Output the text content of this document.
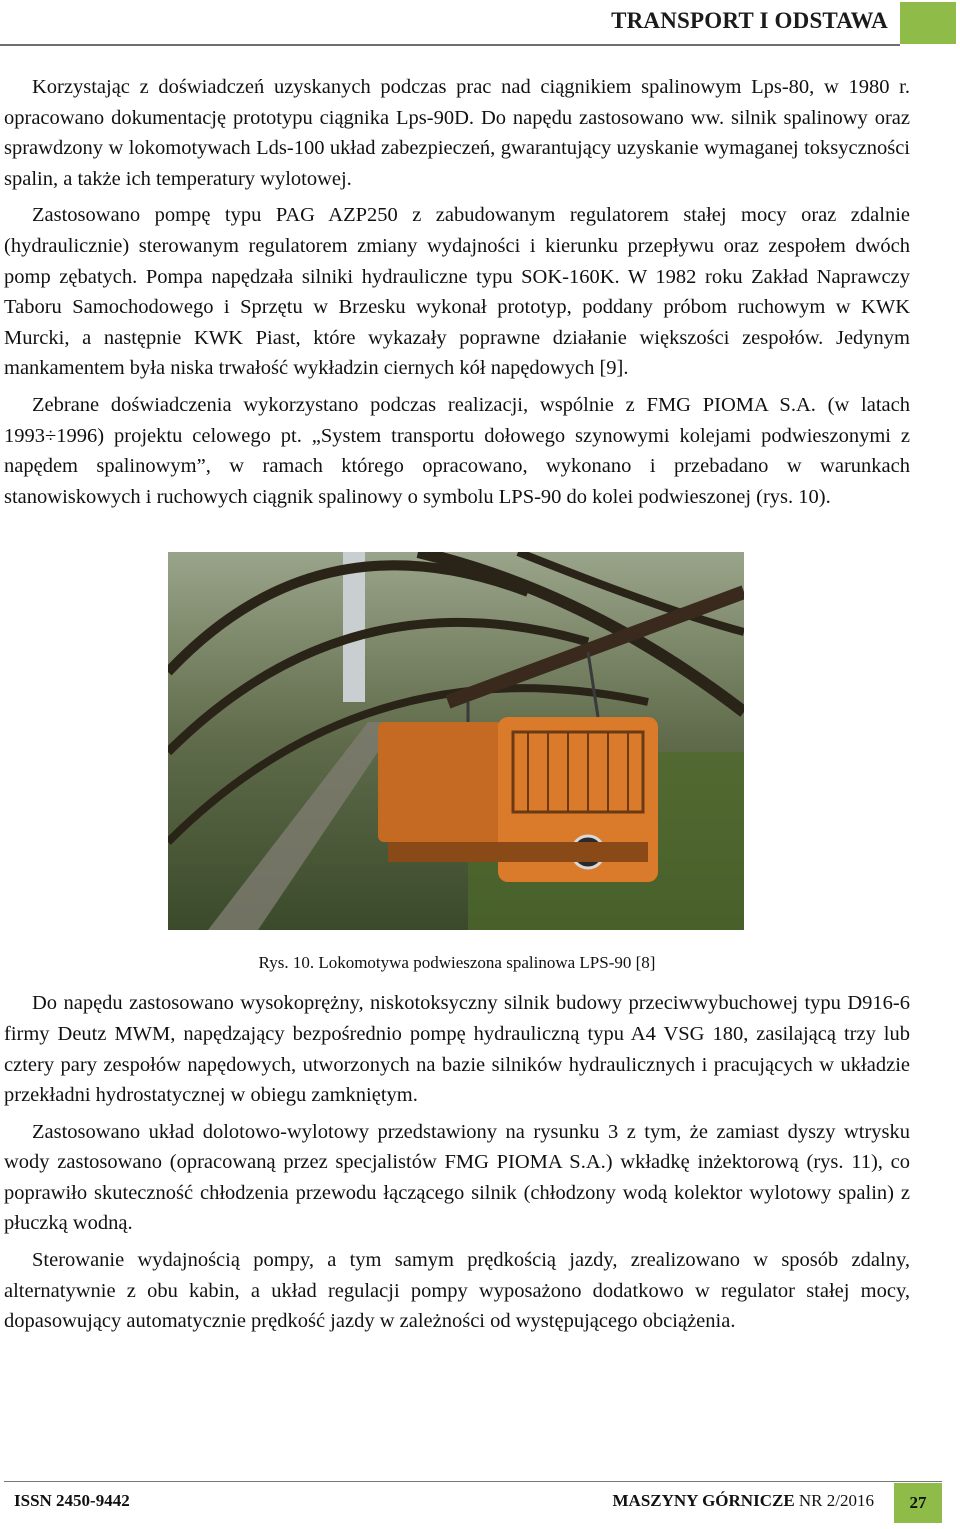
TRANSPORT I ODSTAWA

Korzystając z doświadczeń uzyskanych podczas prac nad ciągnikiem spalinowym Lps-80, w 1980 r. opracowano dokumentację prototypu ciągnika Lps-90D. Do napędu zastosowano ww. silnik spalinowy oraz sprawdzony w lokomotywach Lds-100 układ zabezpieczeń, gwarantujący uzyskanie wymaganej toksyczności spalin, a także ich temperatury wylotowej.

Zastosowano pompę typu PAG AZP250 z zabudowanym regulatorem stałej mocy oraz zdalnie (hydraulicznie) sterowanym regulatorem zmiany wydajności i kierunku przepływu oraz zespołem dwóch pomp zębatych. Pompa napędzała silniki hydrauliczne typu SOK-160K. W 1982 roku Zakład Naprawczy Taboru Samochodowego i Sprzętu w Brzesku wykonał prototyp, poddany próbom ruchowym w KWK Murcki, a następnie KWK Piast, które wykazały poprawne działanie większości zespołów. Jedynym mankamentem była niska trwałość wykładzin ciernych kół napędowych [9].

Zebrane doświadczenia wykorzystano podczas realizacji, wspólnie z FMG PIOMA S.A. (w latach 1993÷1996) projektu celowego pt. „System transportu dołowego szynowymi kolejami podwieszonymi z napędem spalinowym”, w ramach którego opracowano, wykonano i przebadano w warunkach stanowiskowych i ruchowych ciągnik spalinowy o symbolu LPS-90 do kolei podwieszonej (rys. 10).

Rys. 10. Lokomotywa podwieszona spalinowa LPS-90 [8]

Do napędu zastosowano wysokoprężny, niskotoksyczny silnik budowy przeciwwybuchowej typu D916-6 firmy Deutz MWM, napędzający bezpośrednio pompę hydrauliczną typu A4 VSG 180, zasilającą trzy lub cztery pary zespołów napędowych, utworzonych na bazie silników hydraulicznych i pracujących w układzie przekładni hydrostatycznej w obiegu zamkniętym.

Zastosowano układ dolotowo-wylotowy przedstawiony na rysunku 3 z tym, że zamiast dyszy wtrysku wody zastosowano (opracowaną przez specjalistów FMG PIOMA S.A.) wkładkę inżektorową (rys. 11), co poprawiło skuteczność chłodzenia przewodu łączącego silnik (chłodzony wodą kolektor wylotowy spalin) z płuczką wodną.

Sterowanie wydajnością pompy, a tym samym prędkością jazdy, zrealizowano w sposób zdalny, alternatywnie z obu kabin, a układ regulacji pompy wyposażono dodatkowo w regulator stałej mocy, dopasowujący automatycznie prędkość jazdy w zależności od występującego obciążenia.

ISSN 2450-9442	MASZYNY GÓRNICZE NR 2/2016	27
